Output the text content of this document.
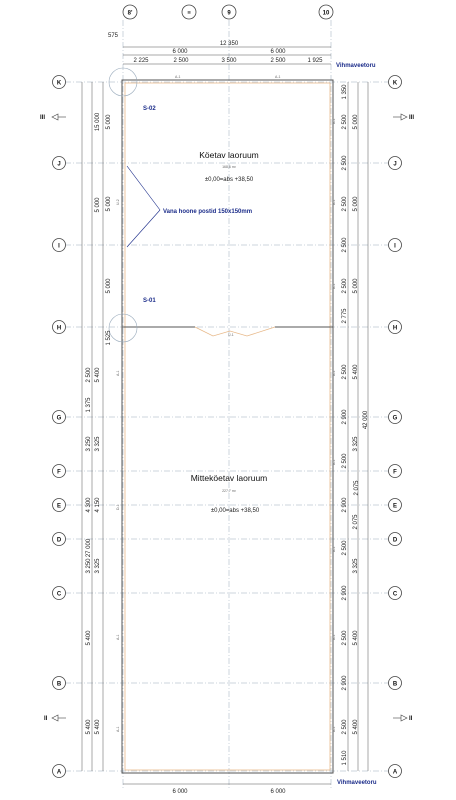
8'	≡	9	10
K
J
I
H
G
F
E
D
C
B
A
K
J
I
H
G
F
E
D
C
B
A
575
12 350
6 000	6 000
2 225	2 500	3 500	2 500	1 925
Vihmaveetoru
S-02
S-01
A-1	A-1
U-1
U-2
A-1
D-1
A-1
A-1
A-1
A-1
A-1
A-1
A-1
A-1
A-1
A-1
Vana hoone postid 150x150mm
Köetav laoruum
168,6 m²
±0,00=abs +38,50
Mitteköetav laoruum
227,7 m²
±0,00=abs +38,50
5 000
5 000
1 525
2 500
1 375
3 250
4 300
3 250
5 400
5 400
5 000
5 000
5 400
3 325
4 150
3 325
5 400
15 000
27 000
1 350
2 500
2 500
2 500
2 500
2 500
2 775
2 500
2 900
2 500
2 900
2 075
2 900
2 500
2 900
2 500
2 500
1 510
5 000
5 000
5 000
5 400
3 325
2 075
3 325
5 400
5 400
42 000
III	III
II	II
6 000	6 000
Vihmaveetoru
